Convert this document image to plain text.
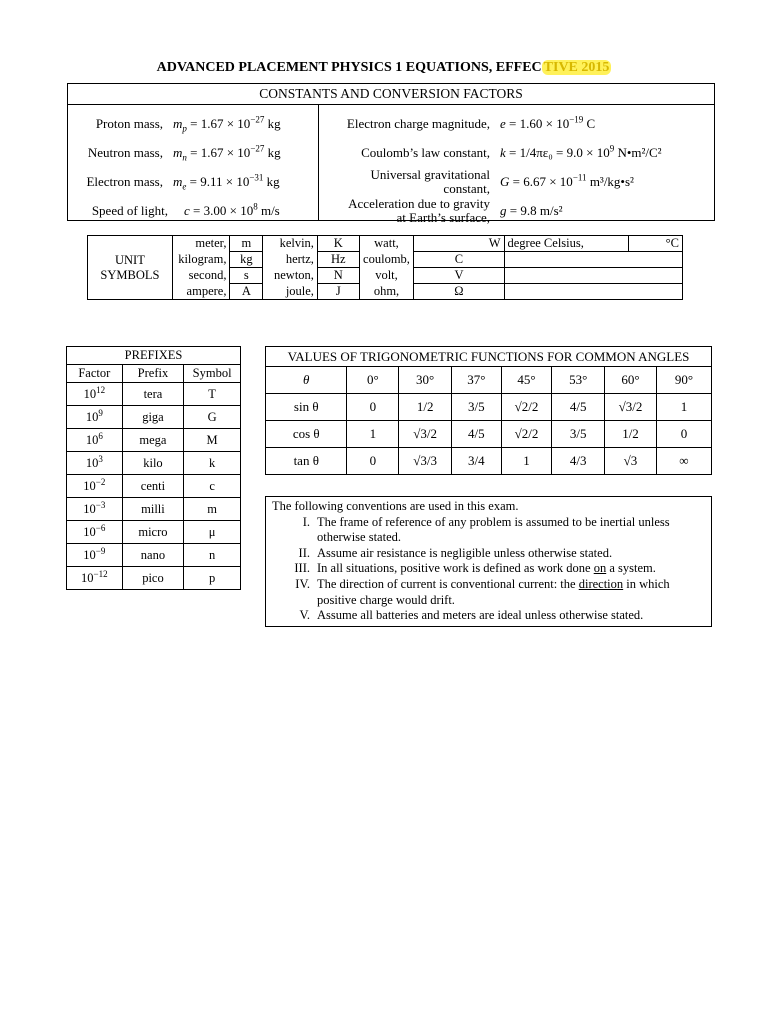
ADVANCED PLACEMENT PHYSICS 1 EQUATIONS, EFFEC TIVE 2015
CONSTANTS AND CONVERSION FACTORS
Proton mass, $m_p = 1.67 \times 10^{-27}$ kg
Neutron mass, $m_n = 1.67 \times 10^{-27}$ kg
Electron mass, $m_e = 9.11 \times 10^{-31}$ kg
Speed of light,	$c = 3.00 \times 10^8$ m/s
Electron charge magnitude, $e = 1.60 \times 10^{-19}$ C
Coulomb’s law constant, $k = 1/4\pi\varepsilon_0 = 9.0 \times 10^9$ N•m²/C²
Universal gravitational
constant, $G = 6.67 \times 10^{-11}$ m³/kg•s²
Acceleration due to gravity
at Earth’s surface, g = 9.8 m/s²
UNIT
SYMBOLS	meter,	m	kelvin,	K	watt,	W	degree Celsius,	°C
	kilogram,	kg	hertz,	Hz	coulomb,	C		
	second,	s	newton,	N	volt,	V		
	ampere,	A	joule,	J	ohm,	Ω		
PREFIXES		
Factor	Prefix	Symbol
$10^{12}$	tera	T
$10^9$	giga	G
$10^6$	mega	M
$10^3$	kilo	k
$10^{-2}$	centi	c
$10^{-3}$	milli	m
$10^{-6}$	micro	μ
$10^{-9}$	nano	n
$10^{-12}$	pico	p
VALUES OF TRIGONOMETRIC FUNCTIONS FOR COMMON ANGLES
θ	0°	30°	37°	45°	53°	60°	90°
sin θ	0	1/2	3/5	√2/2	4/5	√3/2	1
cos θ	1	√3/2	4/5	√2/2	3/5	1/2	0
tan θ	0	√3/3	3/4	1	4/3	√3	∞
The following conventions are used in this exam.
I. The frame of reference of any problem is assumed to be inertial unless otherwise stated.
II. Assume air resistance is negligible unless otherwise stated.
III. In all situations, positive work is defined as work done on a system.
IV. The direction of current is conventional current: the direction in which positive charge would drift.
V. Assume all batteries and meters are ideal unless otherwise stated.
